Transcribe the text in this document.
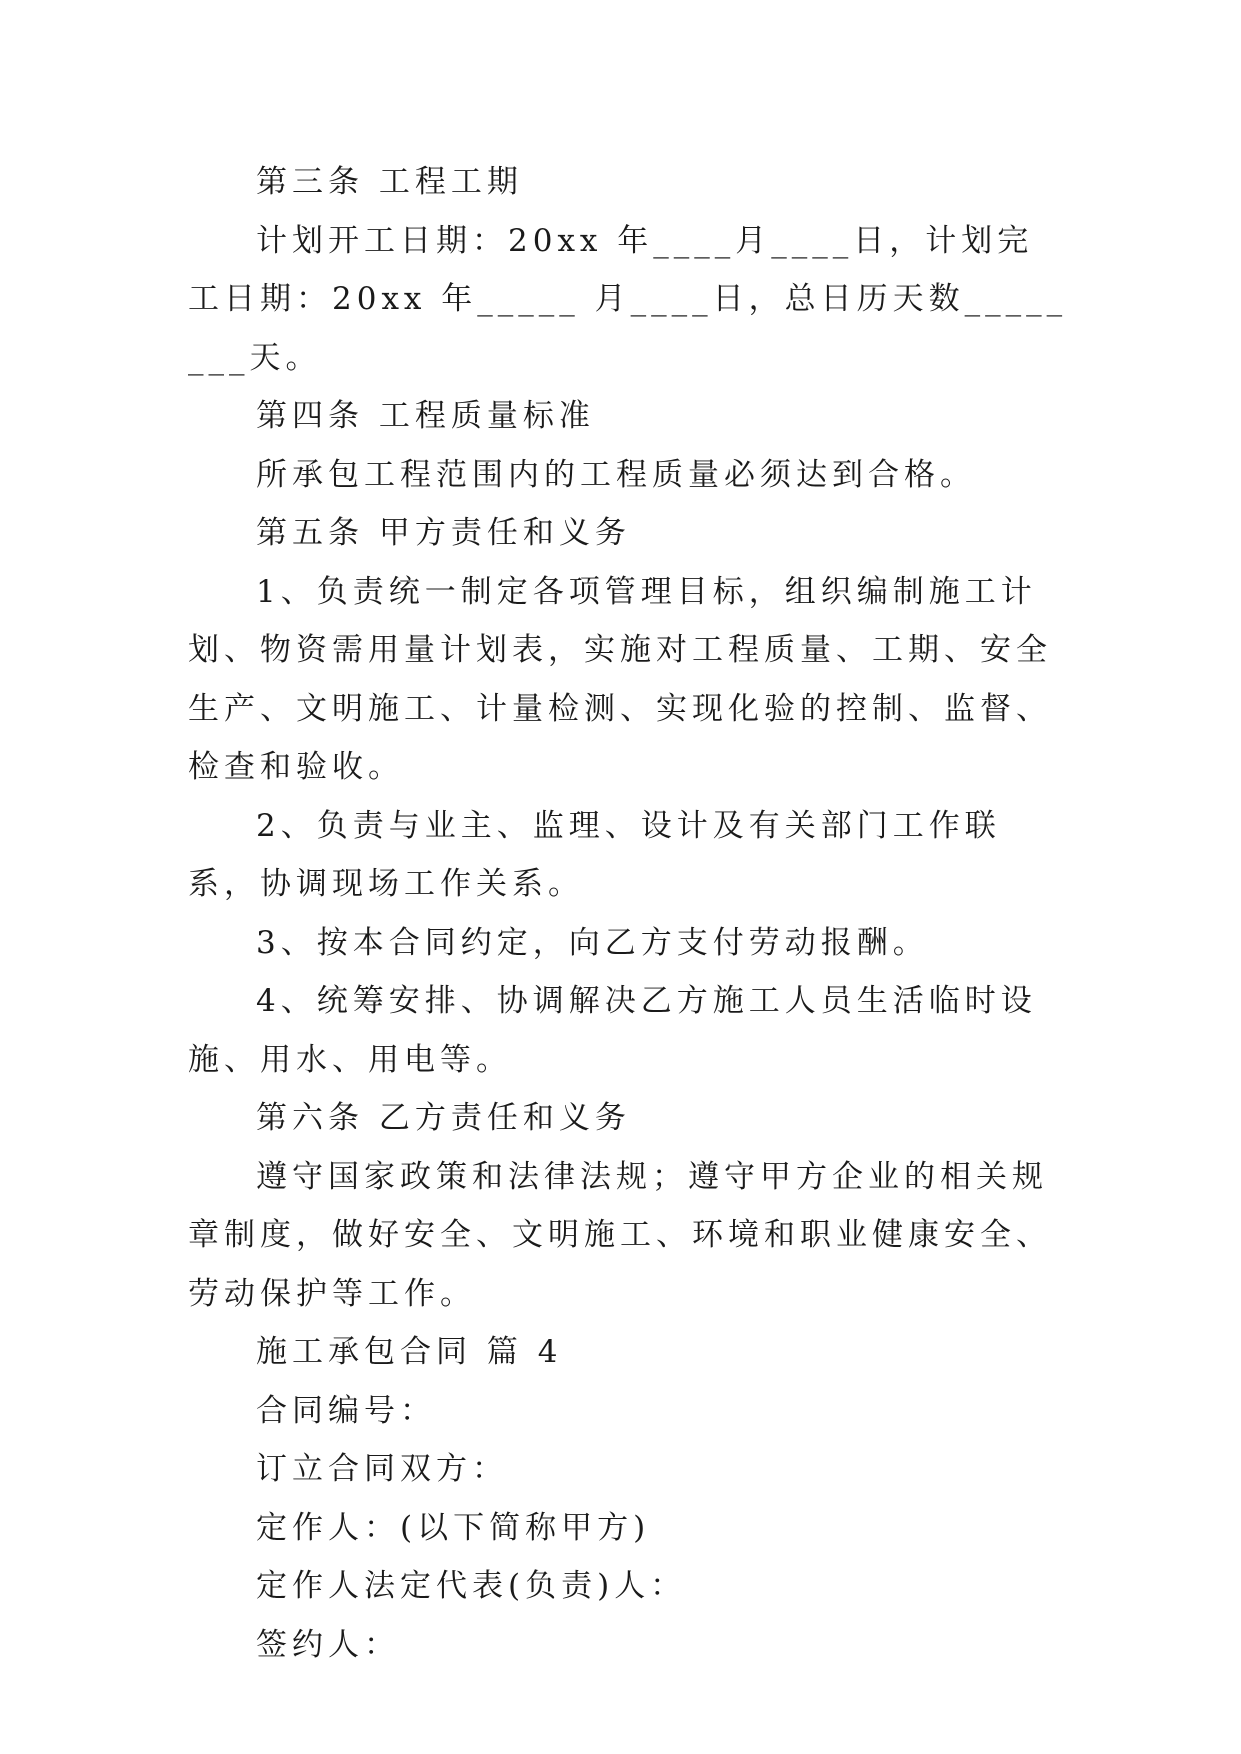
第三条 工程工期

计划开工日期：20xx 年____月____日，计划完工日期：20xx 年_____ 月____日，总日历天数________天。

第四条 工程质量标准

所承包工程范围内的工程质量必须达到合格。

第五条 甲方责任和义务

1、负责统一制定各项管理目标，组织编制施工计划、物资需用量计划表，实施对工程质量、工期、安全生产、文明施工、计量检测、实现化验的控制、监督、检查和验收。

2、负责与业主、监理、设计及有关部门工作联系，协调现场工作关系。

3、按本合同约定，向乙方支付劳动报酬。

4、统筹安排、协调解决乙方施工人员生活临时设施、用水、用电等。

第六条 乙方责任和义务

遵守国家政策和法律法规；遵守甲方企业的相关规章制度，做好安全、文明施工、环境和职业健康安全、劳动保护等工作。

施工承包合同 篇 4

合同编号：

订立合同双方：

定作人：(以下简称甲方)

定作人法定代表(负责)人：

签约人：
